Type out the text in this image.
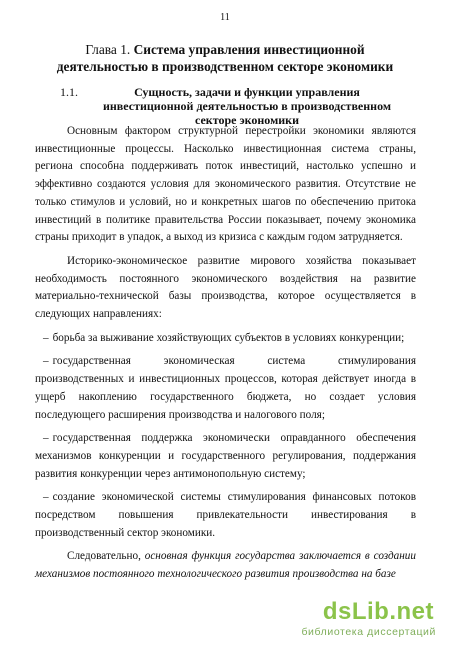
11
Глава 1. Система управления инвестиционной деятельностью в производственном секторе экономики
1.1.	Сущность, задачи и функции управления инвестиционной деятельностью в производственном секторе экономики

Основным фактором структурной перестройки экономики являются инвестиционные процессы. Насколько инвестиционная система страны, региона способна поддерживать поток инвестиций, настолько успешно и эффективно создаются условия для экономического развития. Отсутствие не только стимулов и условий, но и конкретных шагов по обеспечению притока инвестиций в политике правительства России показывает, почему экономика страны приходит в упадок, а выход из кризиса с каждым годом затрудняется.

Историко-экономическое развитие мирового хозяйства показывает необходимость постоянного экономического воздействия на развитие материально-технической базы производства, которое осуществляется в следующих направлениях:

– борьба за выживание хозяйствующих субъектов в условиях конкуренции;

– государственная экономическая система стимулирования производственных и инвестиционных процессов, которая действует иногда в ущерб накоплению государственного бюджета, но создает условия последующего расширения производства и налогового поля;

– государственная поддержка экономически оправданного обеспечения механизмов конкуренции и государственного регулирования, поддержания развития конкуренции через антимонопольную систему;

– создание экономической системы стимулирования финансовых потоков посредством повышения привлекательности инвестирования в производственный сектор экономики.

Следовательно, основная функция государства заключается в создании механизмов постоянного технологического развития производства на базе

dsLib.net
библиотека диссертаций
